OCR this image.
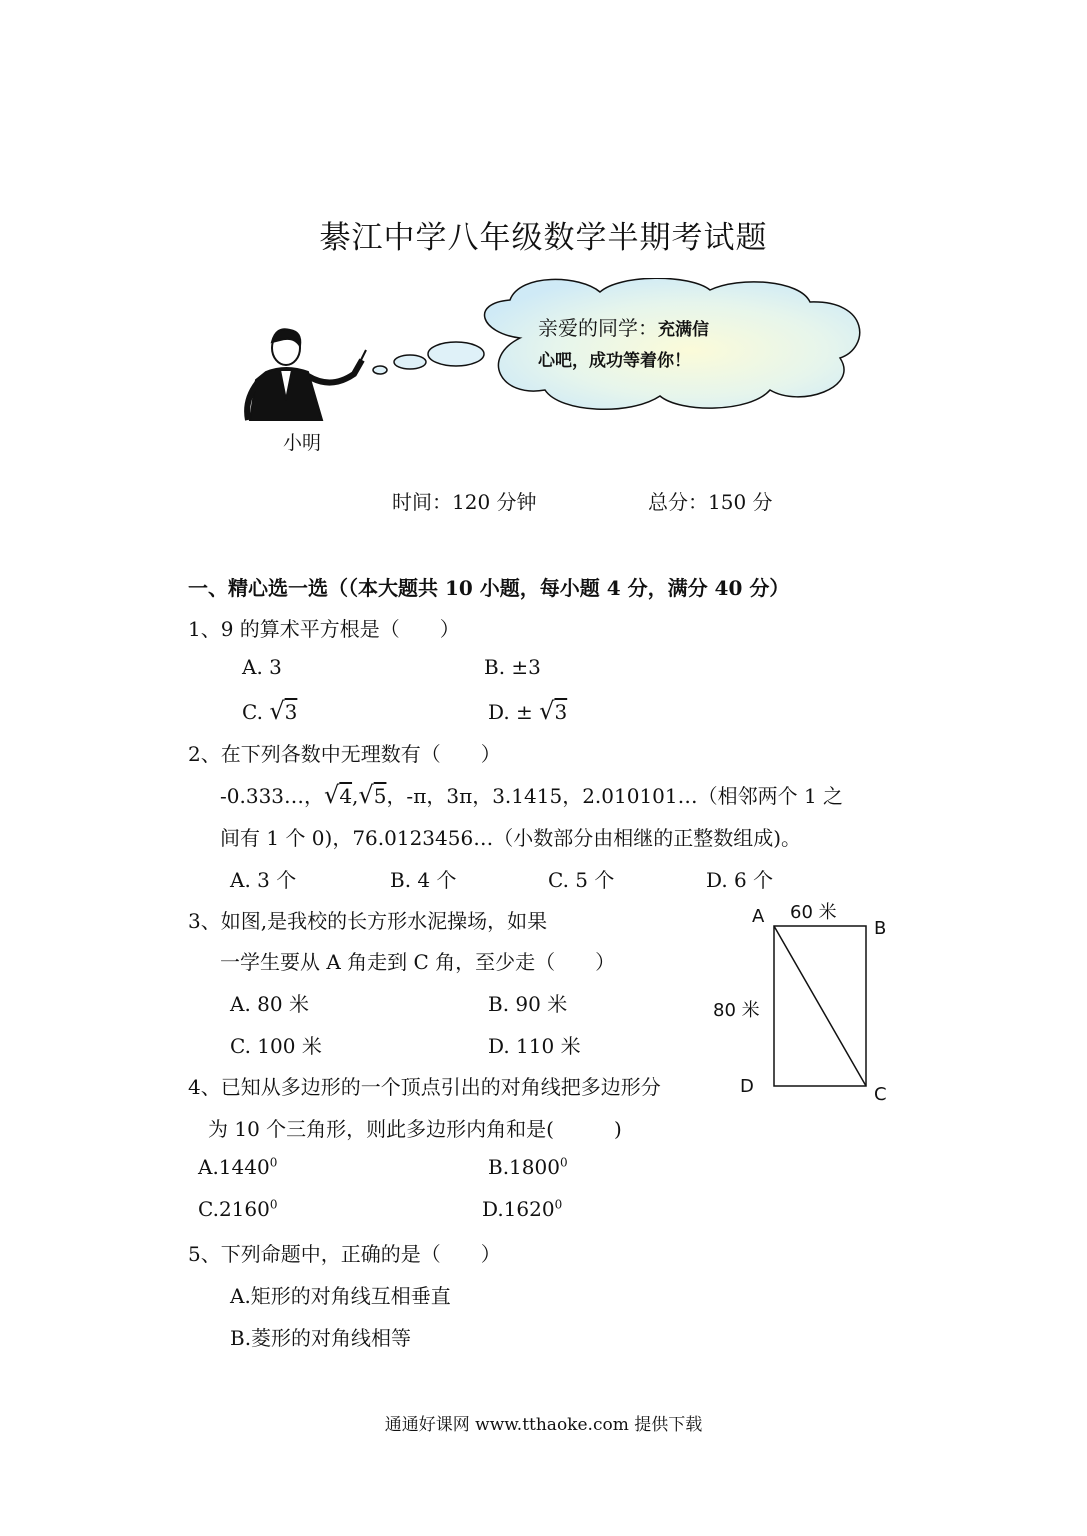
綦江中学八年级数学半期考试题
小明
亲爱的同学：充满信
心吧，成功等着你！
时间：120 分钟	总分：150 分
一、精心选一选（（本大题共 10 小题，每小题 4 分，满分 40 分）
1、9 的算术平方根是（　　）
A. 3	B. ±3
C. √3	D. ± √3
2、在下列各数中无理数有（　　）
-0.333…，√4,√5，-π，3π，3.1415，2.010101…（相邻两个 1 之
间有 1 个 0)，76.0123456…（小数部分由相继的正整数组成)。
A. 3 个	B. 4 个	C. 5 个	D. 6 个
3、如图,是我校的长方形水泥操场，如果
一学生要从 A 角走到 C 角，至少走（　　）
A. 80 米	B. 90 米
C. 100 米	D. 110 米
A
B
C
D
60 米
80 米
4、已知从多边形的一个顶点引出的对角线把多边形分
为 10 个三角形，则此多边形内角和是(　　　)
A.1440$^0$	B.1800$^0$
C.2160$^0$	D.1620$^0$
5、下列命题中，正确的是（　　）
A.矩形的对角线互相垂直
B.菱形的对角线相等
通通好课网 www.tthaoke.com 提供下载
